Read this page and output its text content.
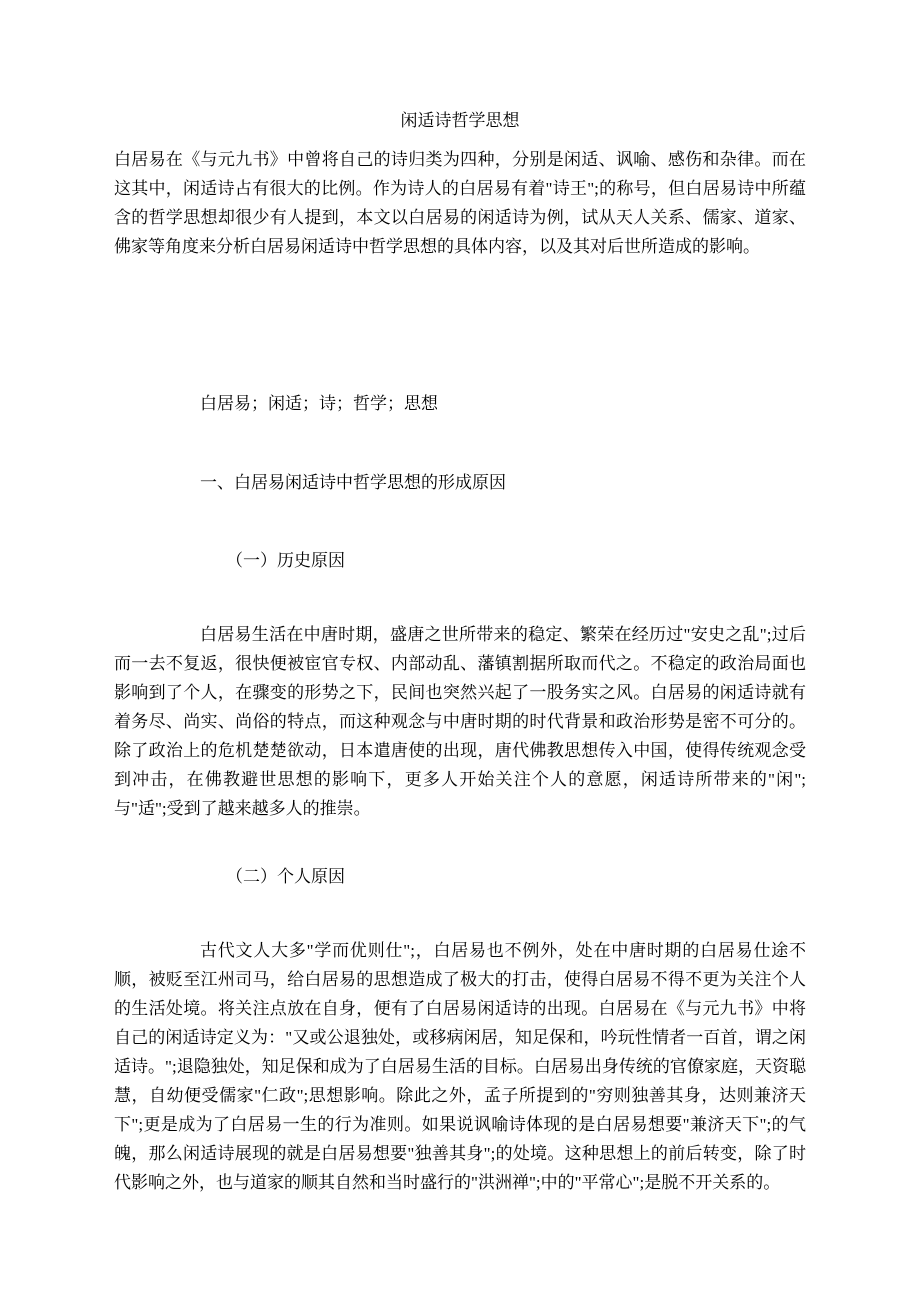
闲适诗哲学思想

白居易在《与元九书》中曾将自己的诗归类为四种，分别是闲适、讽喻、感伤和杂律。而在这其中，闲适诗占有很大的比例。作为诗人的白居易有着"诗王";的称号，但白居易诗中所蕴含的哲学思想却很少有人提到，本文以白居易的闲适诗为例，试从天人关系、儒家、道家、佛家等角度来分析白居易闲适诗中哲学思想的具体内容，以及其对后世所造成的影响。

白居易；闲适；诗；哲学；思想

一、白居易闲适诗中哲学思想的形成原因

（一）历史原因

白居易生活在中唐时期，盛唐之世所带来的稳定、繁荣在经历过"安史之乱";过后而一去不复返，很快便被宦官专权、内部动乱、藩镇割据所取而代之。不稳定的政治局面也影响到了个人，在骤变的形势之下，民间也突然兴起了一股务实之风。白居易的闲适诗就有着务尽、尚实、尚俗的特点，而这种观念与中唐时期的时代背景和政治形势是密不可分的。除了政治上的危机楚楚欲动，日本遣唐使的出现，唐代佛教思想传入中国，使得传统观念受到冲击，在佛教避世思想的影响下，更多人开始关注个人的意愿，闲适诗所带来的"闲";与"适";受到了越来越多人的推崇。

（二）个人原因

古代文人大多"学而优则仕";，白居易也不例外，处在中唐时期的白居易仕途不顺，被贬至江州司马，给白居易的思想造成了极大的打击，使得白居易不得不更为关注个人的生活处境。将关注点放在自身，便有了白居易闲适诗的出现。白居易在《与元九书》中将自己的闲适诗定义为："又或公退独处，或移病闲居，知足保和，吟玩性情者一百首，谓之闲适诗。";退隐独处，知足保和成为了白居易生活的目标。白居易出身传统的官僚家庭，天资聪慧，自幼便受儒家"仁政";思想影响。除此之外，孟子所提到的"穷则独善其身，达则兼济天下";更是成为了白居易一生的行为准则。如果说讽喻诗体现的是白居易想要"兼济天下";的气魄，那么闲适诗展现的就是白居易想要"独善其身";的处境。这种思想上的前后转变，除了时代影响之外，也与道家的顺其自然和当时盛行的"洪洲禅";中的"平常心";是脱不开关系的。
